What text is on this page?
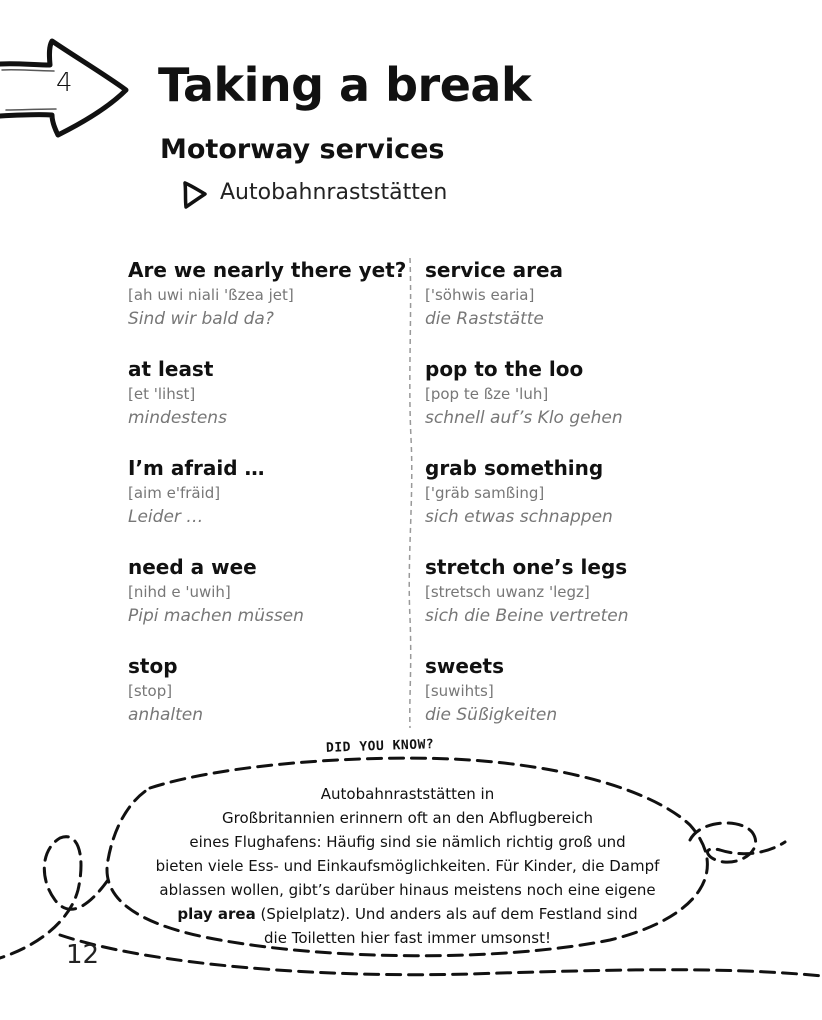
4 Taking a break
Motorway services
Autobahnraststätten
Are we nearly there yet?
[ah uwi niali 'ßzea jet]
Sind wir bald da?
at least
[et 'lihst]
mindestens
I’m afraid …
[aim e'fräid]
Leider …
need a wee
[nihd e 'uwih]
Pipi machen müssen
stop
[stop]
anhalten
service area
['söhwis earia]
die Raststätte
pop to the loo
[pop te ßze 'luh]
schnell auf’s Klo gehen
grab something
['gräb samßing]
sich etwas schnappen
stretch one’s legs
[stretsch uwanz 'legz]
sich die Beine vertreten
sweets
[suwihts]
die Süßigkeiten
DID YOU KNOW?

Autobahnraststätten in
Großbritannien erinnern oft an den Abflugbereich
eines Flughafens: Häufig sind sie nämlich richtig groß und
bieten viele Ess- und Einkaufsmöglichkeiten. Für Kinder, die Dampf
ablassen wollen, gibt’s darüber hinaus meistens noch eine eigene
play area (Spielplatz). Und anders als auf dem Festland sind
die Toiletten hier fast immer umsonst!

12
